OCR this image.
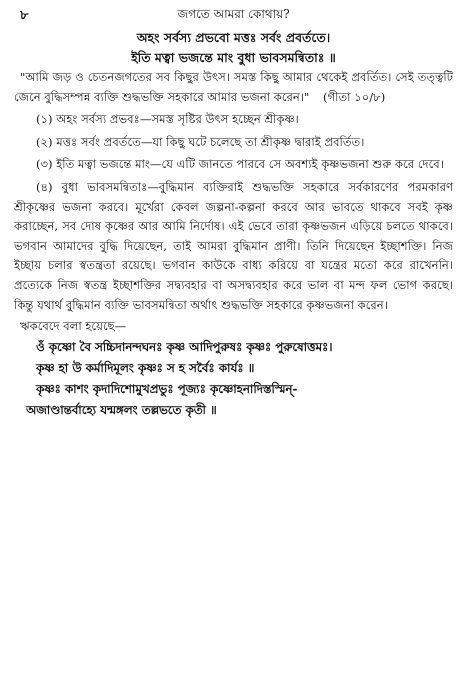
৮	জগতে আমরা কোথায়?
অহং সর্বস্য প্রভবো মত্তঃ সর্বং প্রবর্ততে।
ইতি মত্বা ভজন্তে মাং বুধা ভাবসমন্বিতাঃ ॥

"আমি জড় ও চেতনজগতের সব কিছুর উৎস। সমস্ত কিছু আমার থেকেই প্রবর্তিত। সেই তত্ত্বটি জেনে বুদ্ধিসম্পন্ন ব্যক্তি শুদ্ধভক্তি সহকারে আমার ভজনা করেন।" (গীতা ১০/৮)

(১) অহং সর্বস্য প্রভবঃ—সমস্ত সৃষ্টির উৎস হচ্ছেন শ্রীকৃষ্ণ।

(২) মত্তঃ সর্বং প্রবর্ততে—যা কিছু ঘটে চলেছে তা শ্রীকৃষ্ণ দ্বারাই প্রবর্তিত।

(৩) ইতি মত্বা ভজন্তে মাং—যে এটি জানতে পারবে সে অবশ্যই কৃষ্ণভজনা শুরু করে দেবে।

(৪) বুধা ভাবসমন্বিতাঃ—বুদ্ধিমান ব্যক্তিরাই শুদ্ধভক্তি সহকারে সর্বকারণের পরমকারণ শ্রীকৃষ্ণের ভজনা করবে। মূর্খেরা কেবল জল্পনা-কল্পনা করবে আর ভাবতে থাকবে সবই কৃষ্ণ করাচ্ছেন, সব দোষ কৃষ্ণের আর আমি নির্দোষ। এই ভেবে তারা কৃষ্ণভজন এড়িয়ে চলতে থাকবে। ভগবান আমাদের বুদ্ধি দিয়েছেন, তাই আমরা বুদ্ধিমান প্রাণী। তিনি দিয়েছেন ইচ্ছাশক্তি। নিজ ইচ্ছায় চলার স্বতন্ত্রতা রয়েছে। ভগবান কাউকে বাধ্য করিয়ে বা যন্ত্রের মতো করে রাখেননি। প্রত্যেকে নিজ স্বতন্ত্র ইচ্ছাশক্তির সদ্ব্যবহার বা অসদ্ব্যবহার করে ভাল বা মন্দ ফল ভোগ করছে। কিন্তু যথার্থ বুদ্ধিমান ব্যক্তি ভাবসমন্বিতা অর্থাৎ শুদ্ধভক্তি সহকারে কৃষ্ণভজনা করেন।

ঋকবেদে বলা হয়েছে—
ওঁ কৃষ্ণো বৈ সচ্চিদানন্দঘনঃ কৃষ্ণ আদিপুরুষঃ কৃষ্ণঃ পুরুষোত্তমঃ।
কৃষ্ণ হা উ কর্মাদিমূলং কৃষ্ণঃ স হ সর্বৈঃ কার্যঃ ॥
কৃষ্ণঃ কাশং কৃদাদিশোমুখপ্রভুঃ পূজ্যঃ কৃষ্ণোহনাদিস্তস্মিন্‌-
অজাণ্ডান্তর্বাহ্যে যন্মঙ্গলং তল্লভতে কৃতী ॥
